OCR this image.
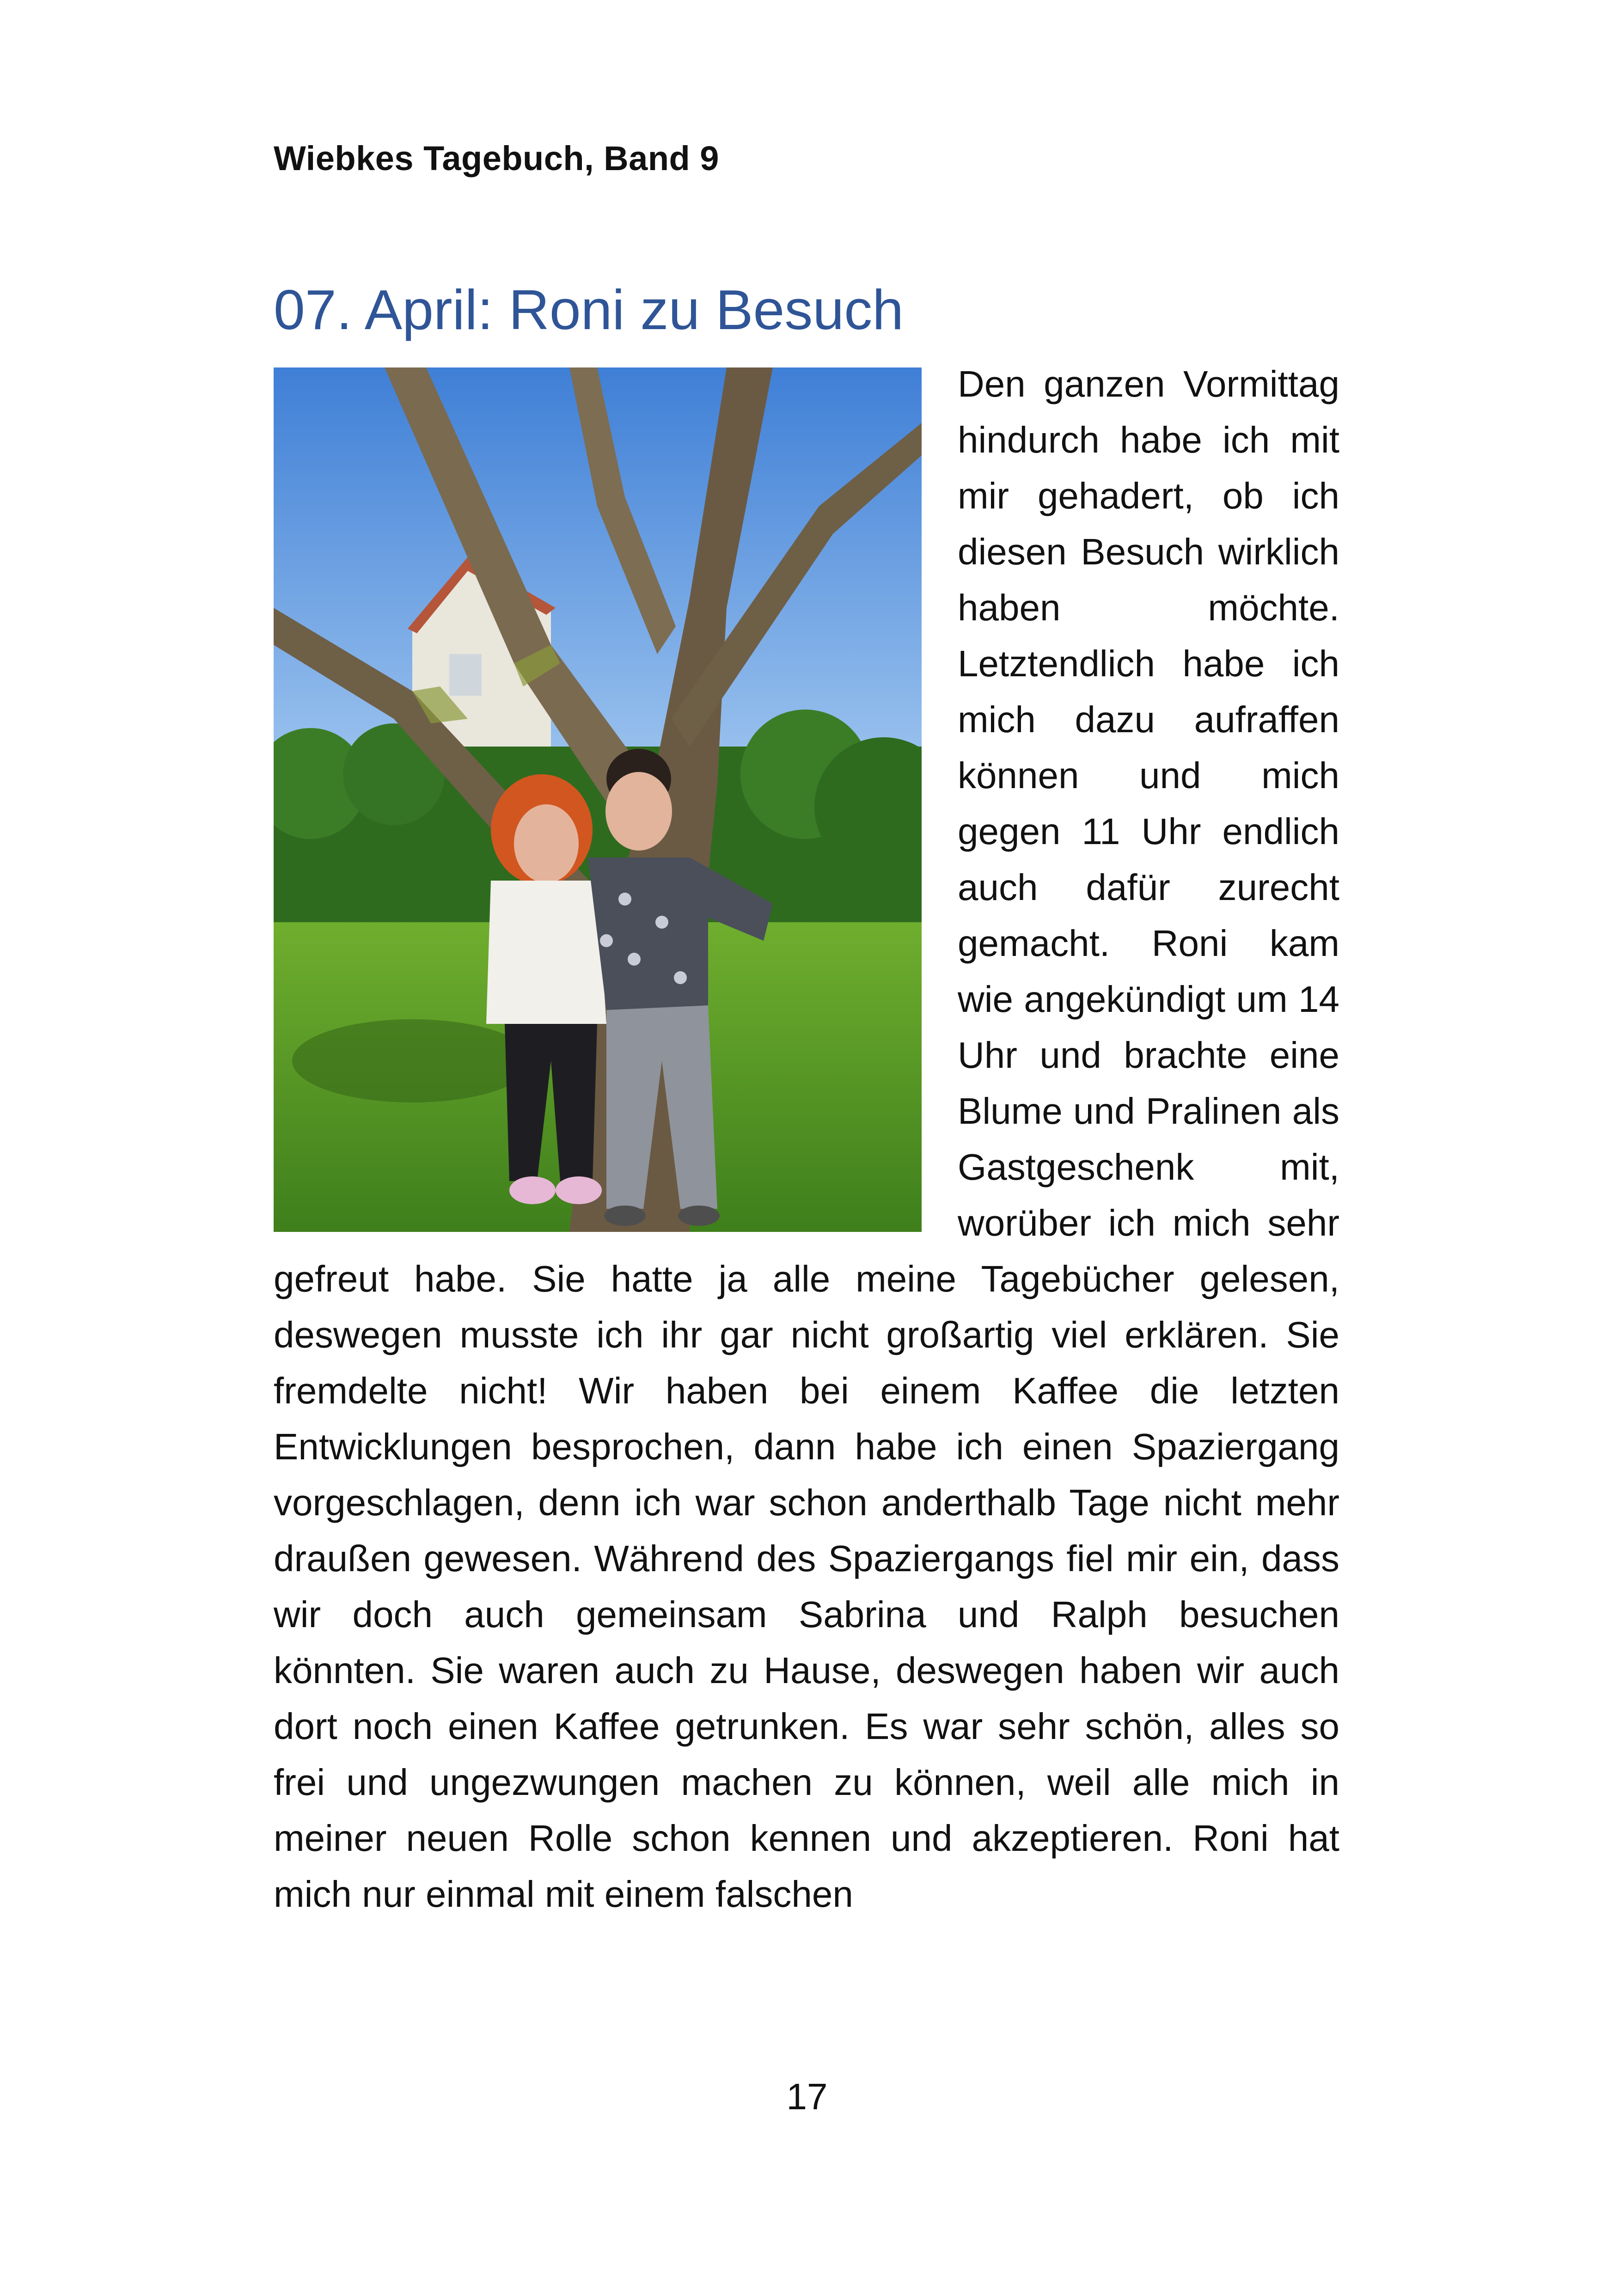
Wiebkes Tagebuch, Band 9
07. April: Roni zu Besuch

Den ganzen Vormittag hindurch habe ich mit mir gehadert, ob ich diesen Besuch wirklich haben möchte. Letztendlich habe ich mich dazu aufraffen können und mich gegen 11 Uhr endlich auch dafür zurecht gemacht. Roni kam wie angekündigt um 14 Uhr und brachte eine Blume und Pralinen als Gastgeschenk mit, worüber ich mich sehr gefreut habe. Sie hatte ja alle meine Tagebücher gelesen, deswegen musste ich ihr gar nicht großartig viel erklären. Sie fremdelte nicht! Wir haben bei einem Kaffee die letzten Entwicklungen besprochen, dann habe ich einen Spaziergang vorgeschlagen, denn ich war schon anderthalb Tage nicht mehr draußen gewesen. Während des Spaziergangs fiel mir ein, dass wir doch auch gemeinsam Sabrina und Ralph besuchen könnten. Sie waren auch zu Hause, deswegen haben wir auch dort noch einen Kaffee getrunken. Es war sehr schön, alles so frei und ungezwungen machen zu können, weil alle mich in meiner neuen Rolle schon kennen und akzeptieren. Roni hat mich nur einmal mit einem falschen

17
